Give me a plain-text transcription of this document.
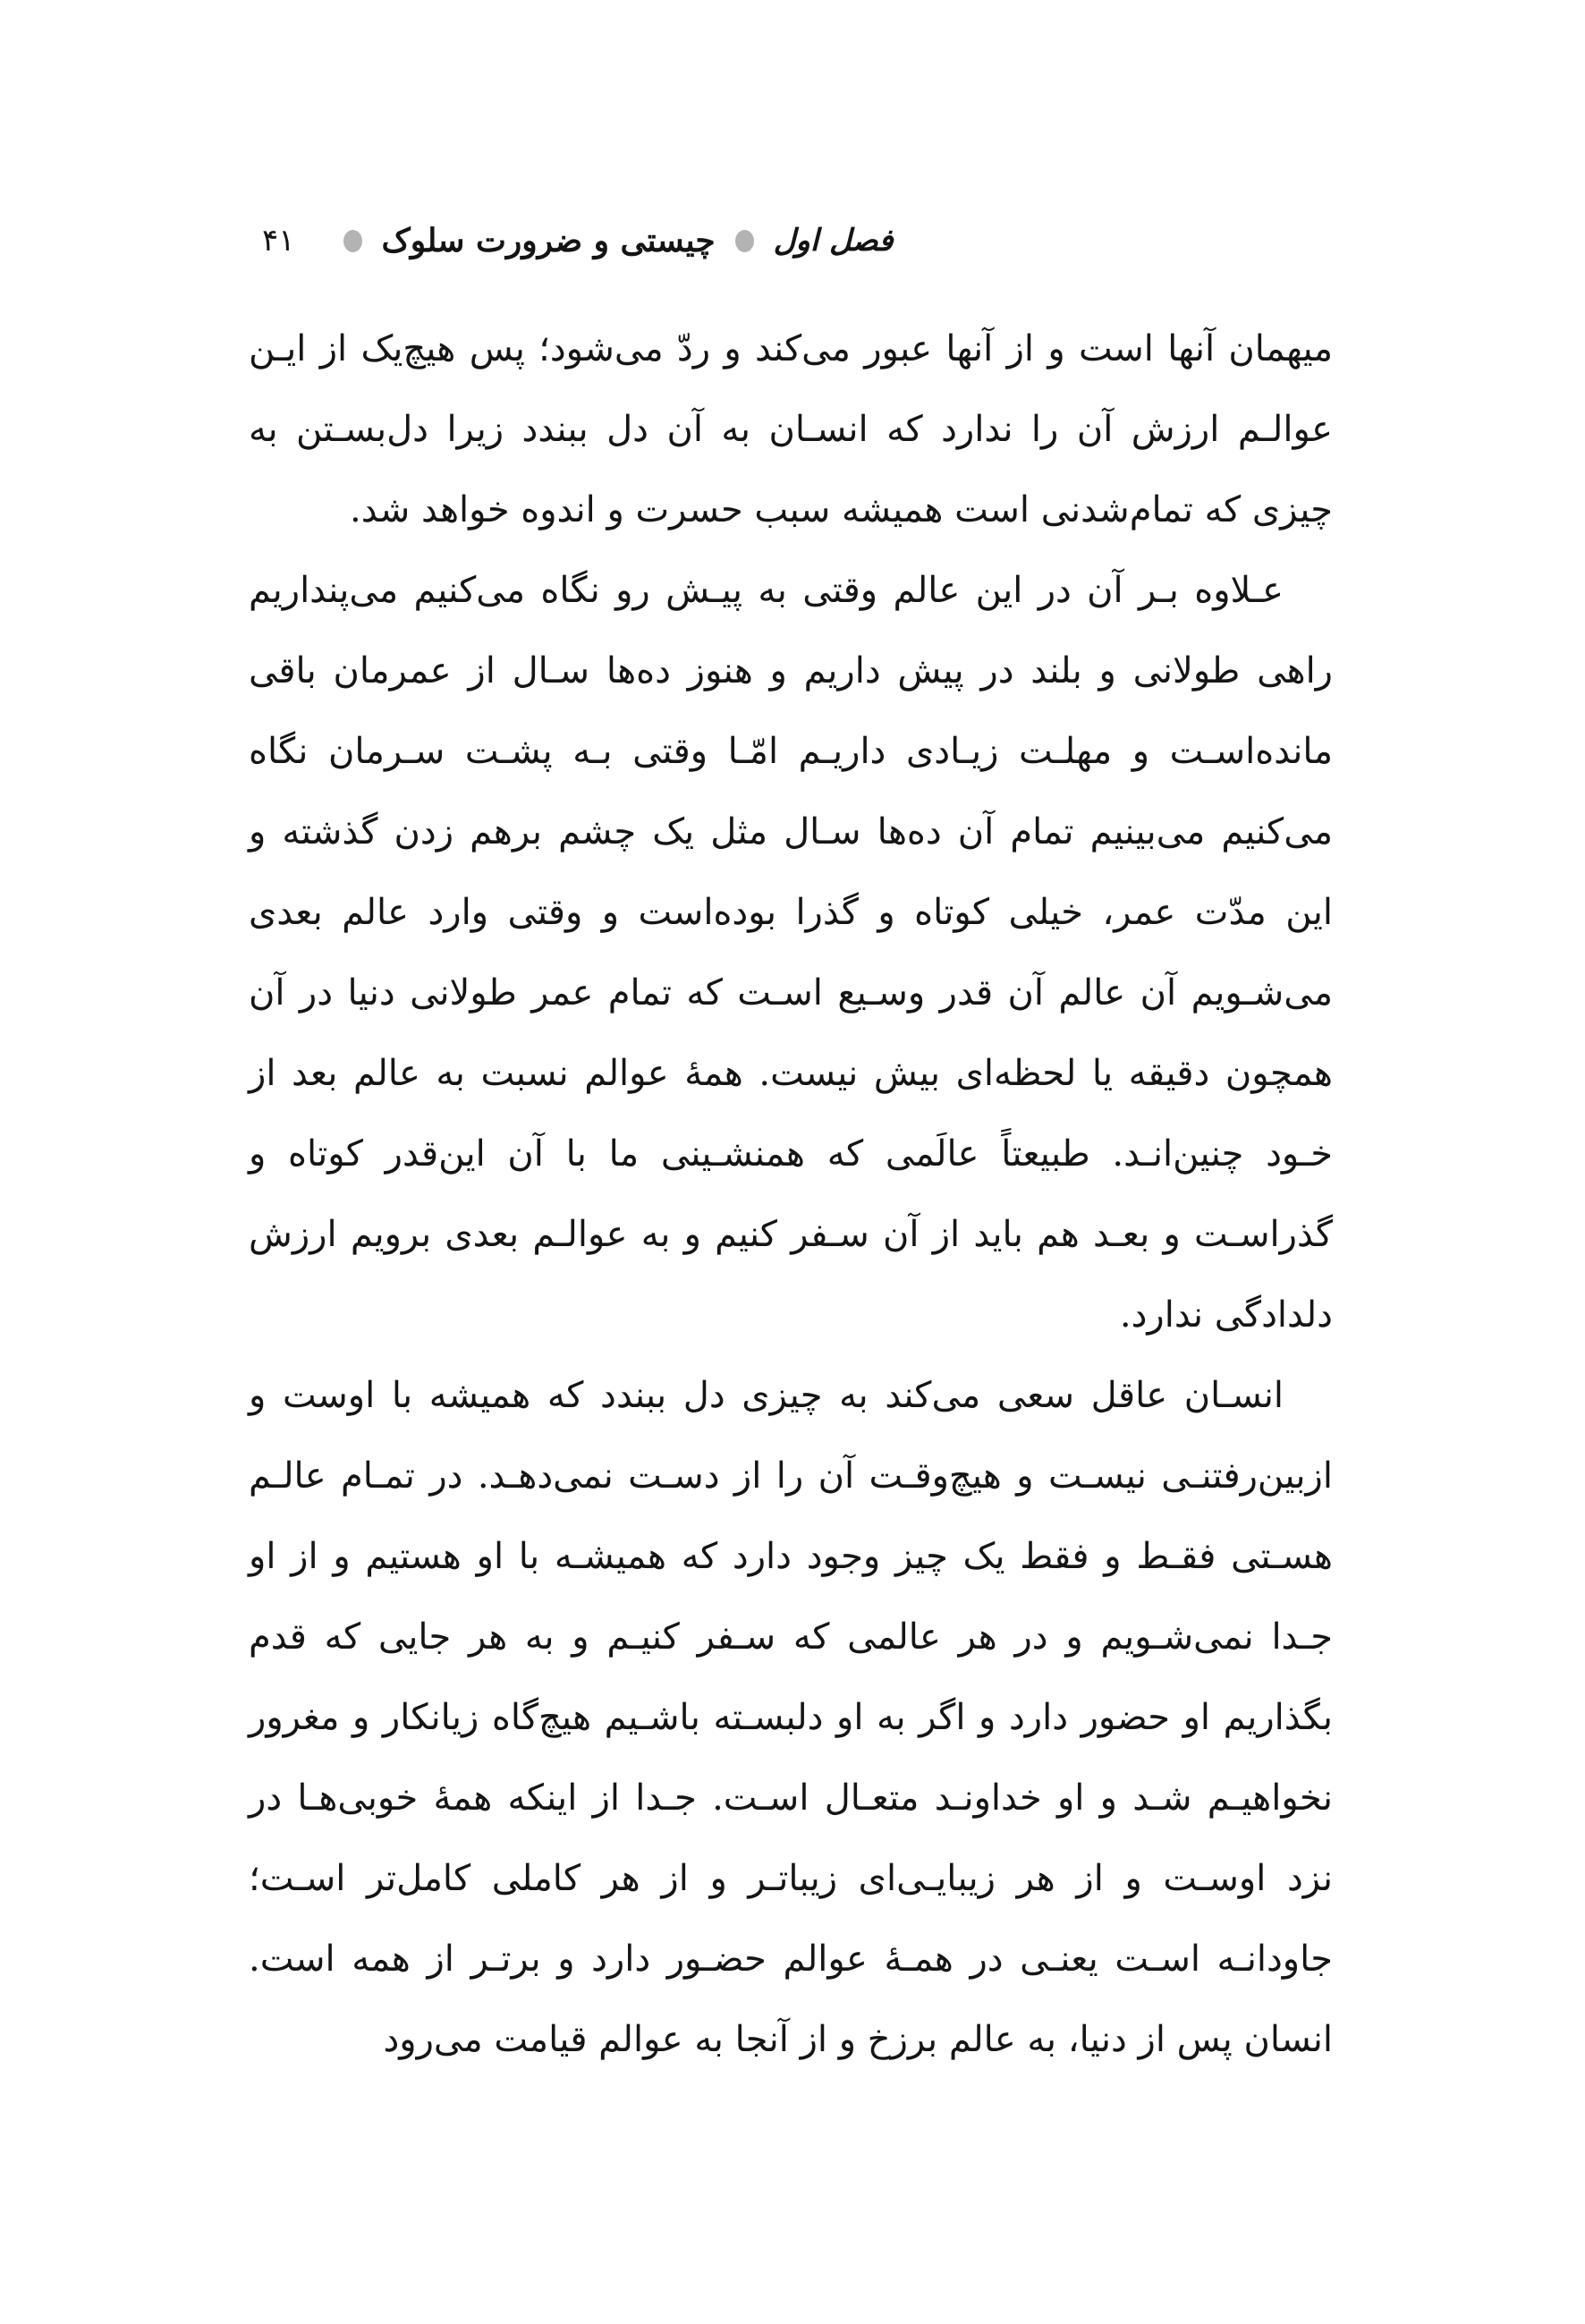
فصل اول
چیستی و ضرورت سلوک
۴۱

میهمان آنها است و از آنها عبور می‌کند و ردّ می‌شود؛ پس هیچ‌یک از ایـن عوالـم ارزش آن را ندارد که انسـان به آن دل ببندد زیرا دل‌بسـتن به چیزی که تمام‌شدنی است همیشه سبب حسرت و اندوه خواهد شد.

عـلاوه بـر آن در این عالم وقتی به پیـش رو نگاه می‌کنیم می‌پنداریم راهی طولانی و بلند در پیش داریم و هنوز ده‌ها سـال از عمرمان باقی مانده‌اسـت و مهلـت زیـادی داریـم امّـا وقتی بـه پشـت سـرمان نگاه می‌کنیم می‌بینیم تمام آن ده‌ها سـال مثل یک چشم برهم زدن گذشته و این مدّت عمر، خیلی کوتاه و گذرا بوده‌است و وقتی وارد عالم بعدی می‌شـویم آن عالم آن قدر وسـیع اسـت که تمام عمر طولانی دنیا در آن همچون دقیقه یا لحظه‌ای بیش نیست. همهٔ عوالم نسبت به عالم بعد از خـود چنین‌انـد. طبیعتاً عالَمی که همنشـینی ما با آن این‌قدر کوتاه و گذراسـت و بعـد هم باید از آن سـفر کنیم و به عوالـم بعدی برویم ارزش دلدادگی ندارد.

انسـان عاقل سعی می‌کند به چیزی دل ببندد که همیشه با اوست و ازبین‌رفتنـی نیسـت و هیچ‌وقـت آن را از دسـت نمی‌دهـد. در تمـام عالـم هسـتی فقـط و فقط یک چیز وجود دارد که همیشـه با او هستیم و از او جـدا نمی‌شـویم و در هر عالمی که سـفر کنیـم و به هر جایی که قدم بگذاریم او حضور دارد و اگر به او دلبسـته باشـیم هیچ‌گاه زیانکار و مغرور نخواهیـم شـد و او خداونـد متعـال اسـت. جـدا از اینکه همهٔ خوبی‌هـا در نزد اوسـت و از هر زیبایـی‌ای زیباتـر و از هر کاملی کامل‌تر اسـت؛ جاودانـه اسـت یعنـی در همـهٔ عوالم حضـور دارد و برتـر از همه است. انسان پس از دنیا، به عالم برزخ و از آنجا به عوالم قیامت می‌رود
